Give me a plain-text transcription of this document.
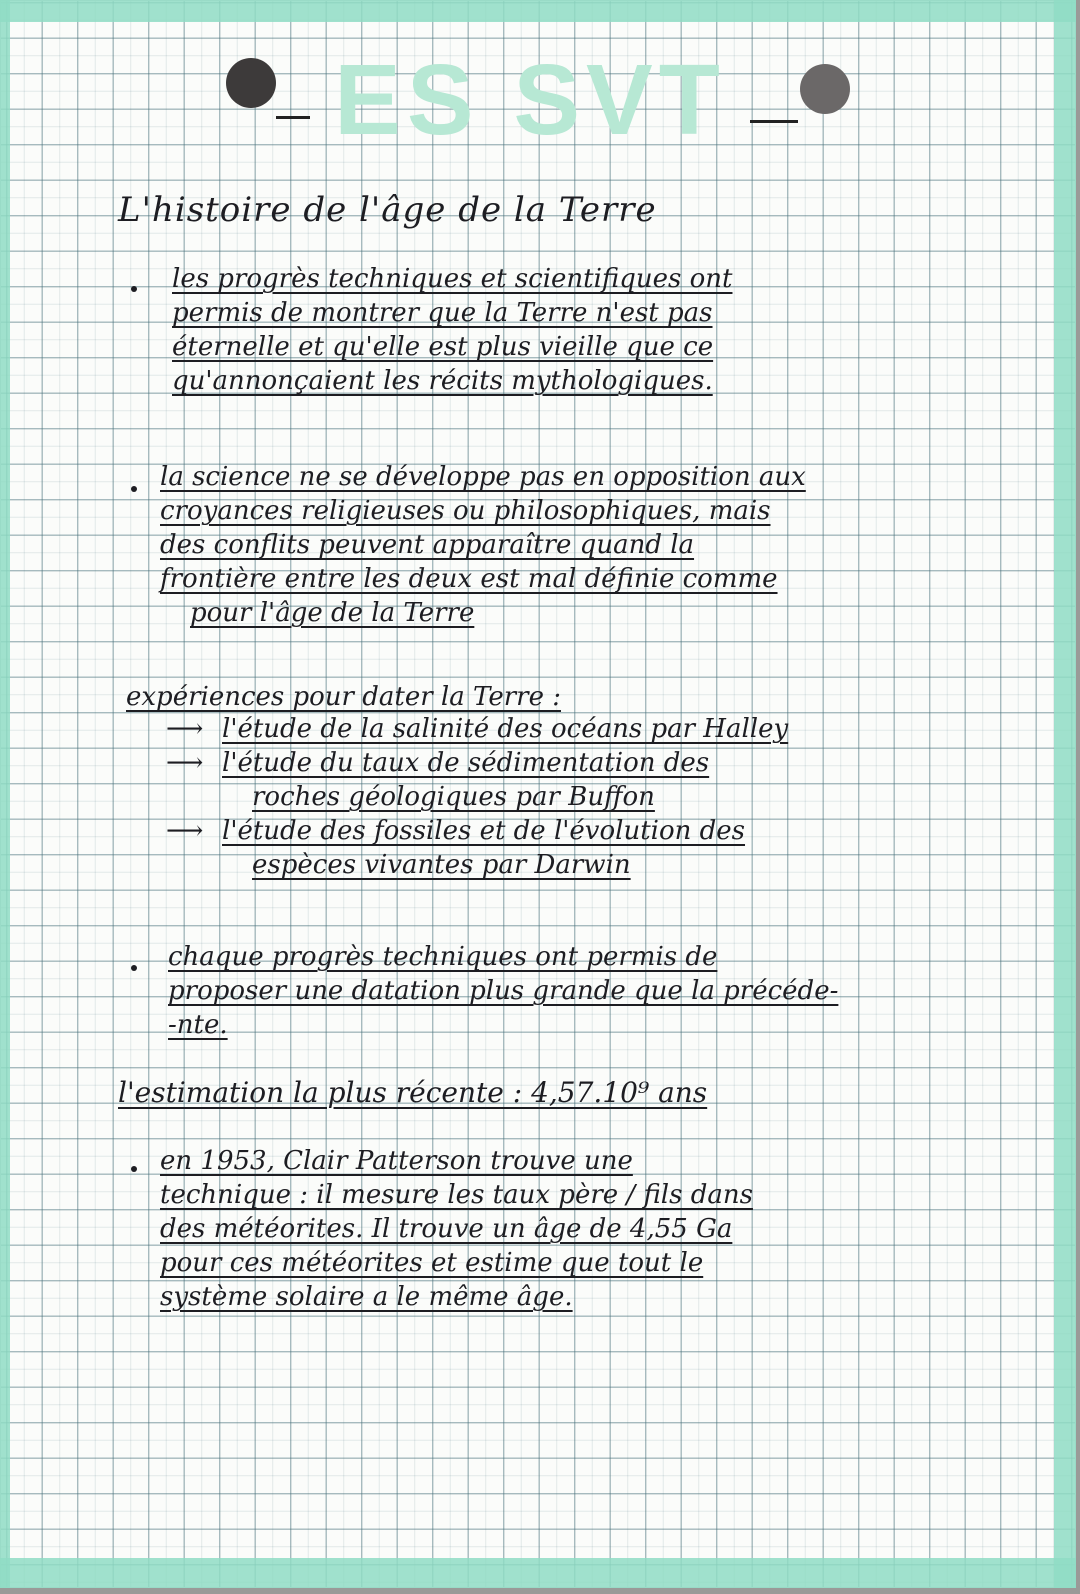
ES SVT
L'histoire de l'âge de la Terre
les progrès techniques et scientifiques ont
permis de montrer que la Terre n'est pas
éternelle et qu'elle est plus vieille que ce
qu'annonçaient les récits mythologiques.
la science ne se développe pas en opposition aux
croyances religieuses ou philosophiques, mais
des conflits peuvent apparaître quand la
frontière entre les deux est mal définie comme
pour l'âge de la Terre
expériences pour dater la Terre :
⟶ l'étude de la salinité des océans par Halley
⟶ l'étude du taux de sédimentation des
roches géologiques par Buffon
⟶ l'étude des fossiles et de l'évolution des
espèces vivantes par Darwin
chaque progrès techniques ont permis de
proposer une datation plus grande que la précéde-
-nte.
l'estimation la plus récente : 4,57.10⁹ ans
en 1953, Clair Patterson trouve une
technique : il mesure les taux père / fils dans
des météorites. Il trouve un âge de 4,55 Ga
pour ces météorites et estime que tout le
système solaire a le même âge.
